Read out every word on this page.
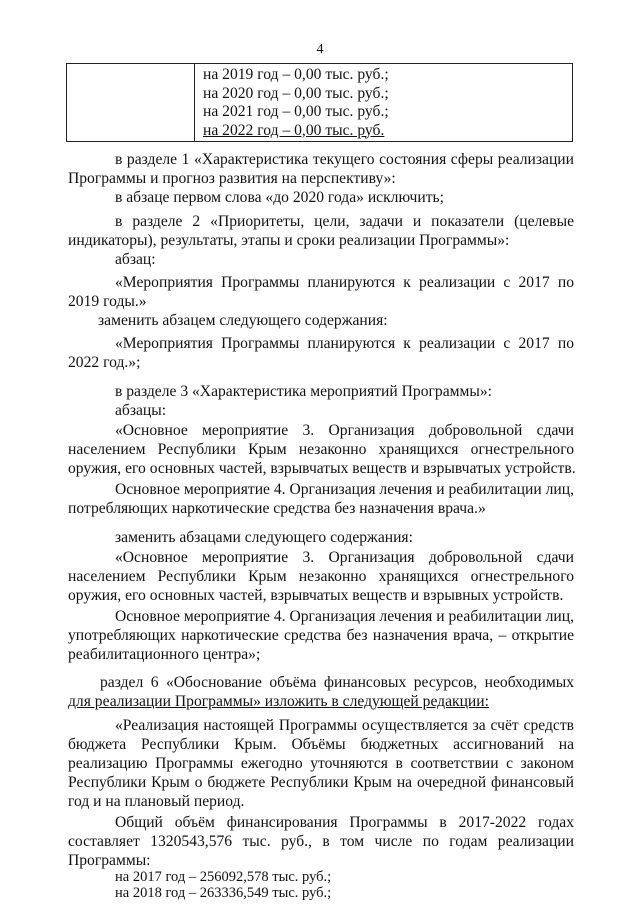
4

на 2019 год – 0,00 тыс. руб.;
на 2020 год – 0,00 тыс. руб.;
на 2021 год – 0,00 тыс. руб.;
на 2022 год – 0,00 тыс. руб.
в разделе 1 «Характеристика текущего состояния сферы реализации
Программы и прогноз развития на перспективу»:
в абзаце первом слова «до 2020 года» исключить;
в разделе 2 «Приоритеты, цели, задачи и показатели (целевые
индикаторы), результаты, этапы и сроки реализации Программы»:
абзац:
«Мероприятия Программы планируются к реализации с 2017 по
2019 годы.»
заменить абзацем следующего содержания:
«Мероприятия Программы планируются к реализации с 2017 по
2022 год.»;
в разделе 3 «Характеристика мероприятий Программы»:
абзацы:
«Основное мероприятие 3. Организация добровольной сдачи
населением Республики Крым незаконно хранящихся огнестрельного
оружия, его основных частей, взрывчатых веществ и взрывчатых устройств.
Основное мероприятие 4. Организация лечения и реабилитации лиц,
потребляющих наркотические средства без назначения врача.»
заменить абзацами следующего содержания:
«Основное мероприятие 3. Организация добровольной сдачи
населением Республики Крым незаконно хранящихся огнестрельного
оружия, его основных частей, взрывчатых веществ и взрывных устройств.
Основное мероприятие 4. Организация лечения и реабилитации лиц,
употребляющих наркотические средства без назначения врача, – открытие
реабилитационного центра»;
раздел 6 «Обоснование объёма финансовых ресурсов, необходимых
для реализации Программы» изложить в следующей редакции:
«Реализация настоящей Программы осуществляется за счёт средств
бюджета Республики Крым. Объёмы бюджетных ассигнований на
реализацию Программы ежегодно уточняются в соответствии с законом
Республики Крым о бюджете Республики Крым на очередной финансовый
год и на плановый период.
Общий объём финансирования Программы в 2017-2022 годах
составляет 1320543,576 тыс. руб., в том числе по годам реализации
Программы:
на 2017 год – 256092,578 тыс. руб.;
на 2018 год – 263336,549 тыс. руб.;
